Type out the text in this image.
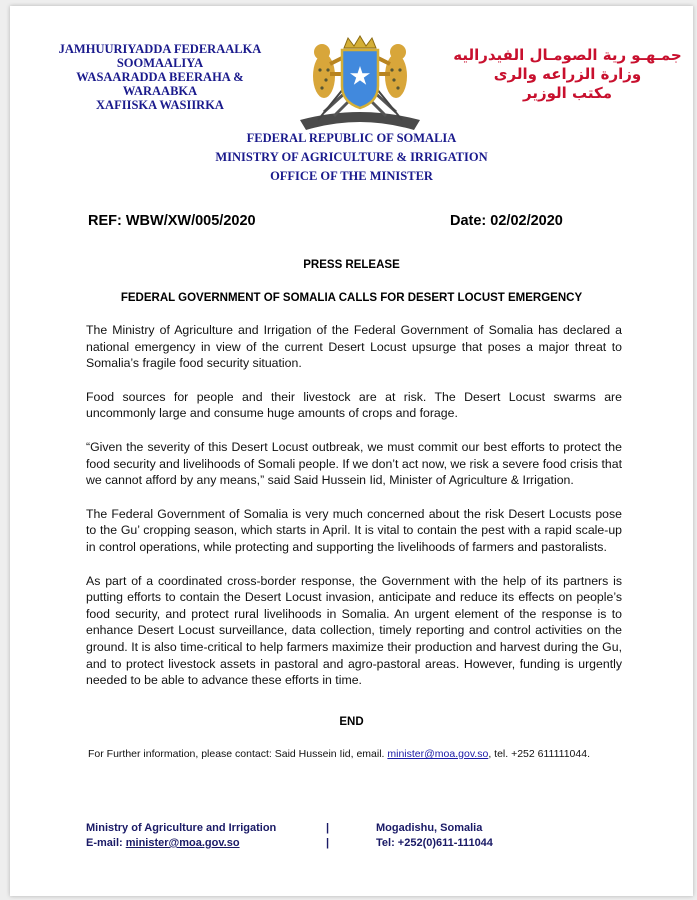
JAMHUURIYADDA FEDERAALKA
SOOMAALIYA
WASAARADDA BEERAHA & WARAABKA
XAFIISKA WASIIRKA
جمـهـو رية الصومـال الفيدراليه
وزارة الزراعه والرى
مكتب الوزير
FEDERAL REPUBLIC OF SOMALIA
MINISTRY OF AGRICULTURE & IRRIGATION
OFFICE OF THE MINISTER
REF: WBW/XW/005/2020	Date: 02/02/2020
PRESS RELEASE
FEDERAL GOVERNMENT OF SOMALIA CALLS FOR DESERT LOCUST EMERGENCY

The Ministry of Agriculture and Irrigation of the Federal Government of Somalia has declared a national emergency in view of the current Desert Locust upsurge that poses a major threat to Somalia’s fragile food security situation.

Food sources for people and their livestock are at risk. The Desert Locust swarms are uncommonly large and consume huge amounts of crops and forage.

“Given the severity of this Desert Locust outbreak, we must commit our best efforts to protect the food security and livelihoods of Somali people. If we don’t act now, we risk a severe food crisis that we cannot afford by any means,” said Said Hussein Iid, Minister of Agriculture & Irrigation.

The Federal Government of Somalia is very much concerned about the risk Desert Locusts pose to the Gu’ cropping season, which starts in April. It is vital to contain the pest with a rapid scale-up in control operations, while protecting and supporting the livelihoods of farmers and pastoralists.

As part of a coordinated cross-border response, the Government with the help of its partners is putting efforts to contain the Desert Locust invasion, anticipate and reduce its effects on people’s food security, and protect rural livelihoods in Somalia. An urgent element of the response is to enhance Desert Locust surveillance, data collection, timely reporting and control activities on the ground. It is also time-critical to help farmers maximize their production and harvest during the Gu, and to protect livestock assets in pastoral and agro-pastoral areas. However, funding is urgently needed to be able to advance these efforts in time.

END
For Further information, please contact: Said Hussein Iid, email. minister@moa.gov.so, tel. +252 611111044.
Ministry of Agriculture and Irrigation	|	Mogadishu, Somalia
E-mail: minister@moa.gov.so	|	Tel: +252(0)611-111044
